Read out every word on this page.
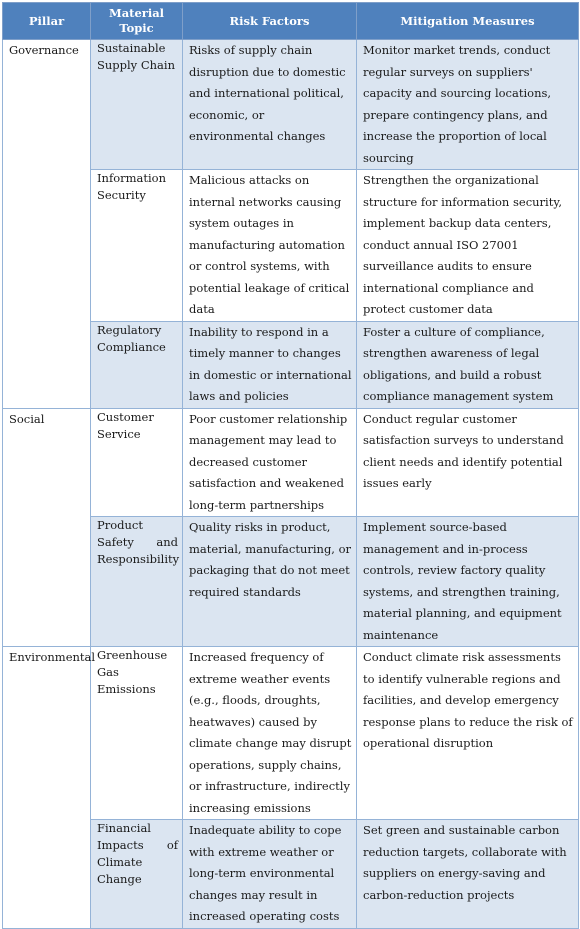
Pillar	Material Topic	Risk Factors	Mitigation Measures
Governance	Sustainable Supply Chain	Risks of supply chain disruption due to domestic and international political, economic, or environmental changes	Monitor market trends, conduct regular surveys on suppliers' capacity and sourcing locations, prepare contingency plans, and increase the proportion of local sourcing
	Information Security	Malicious attacks on internal networks causing system outages in manufacturing automation or control systems, with potential leakage of critical data	Strengthen the organizational structure for information security, implement backup data centers, conduct annual ISO 27001 surveillance audits to ensure international compliance and protect customer data
	Regulatory Compliance	Inability to respond in a timely manner to changes in domestic or international laws and policies	Foster a culture of compliance, strengthen awareness of legal obligations, and build a robust compliance management system
Social	Customer Service	Poor customer relationship management may lead to decreased customer satisfaction and weakened long-term partnerships	Conduct regular customer satisfaction surveys to understand client needs and identify potential issues early
	Product Safety and Responsibility	Quality risks in product, material, manufacturing, or packaging that do not meet required standards	Implement source-based management and in-process controls, review factory quality systems, and strengthen training, material planning, and equipment maintenance
Environmental	Greenhouse Gas Emissions	Increased frequency of extreme weather events (e.g., floods, droughts, heatwaves) caused by climate change may disrupt operations, supply chains, or infrastructure, indirectly increasing emissions	Conduct climate risk assessments to identify vulnerable regions and facilities, and develop emergency response plans to reduce the risk of operational disruption
	Financial Impacts of Climate Change	Inadequate ability to cope with extreme weather or long-term environmental changes may result in increased operating costs	Set green and sustainable carbon reduction targets, collaborate with suppliers on energy-saving and carbon-reduction projects
